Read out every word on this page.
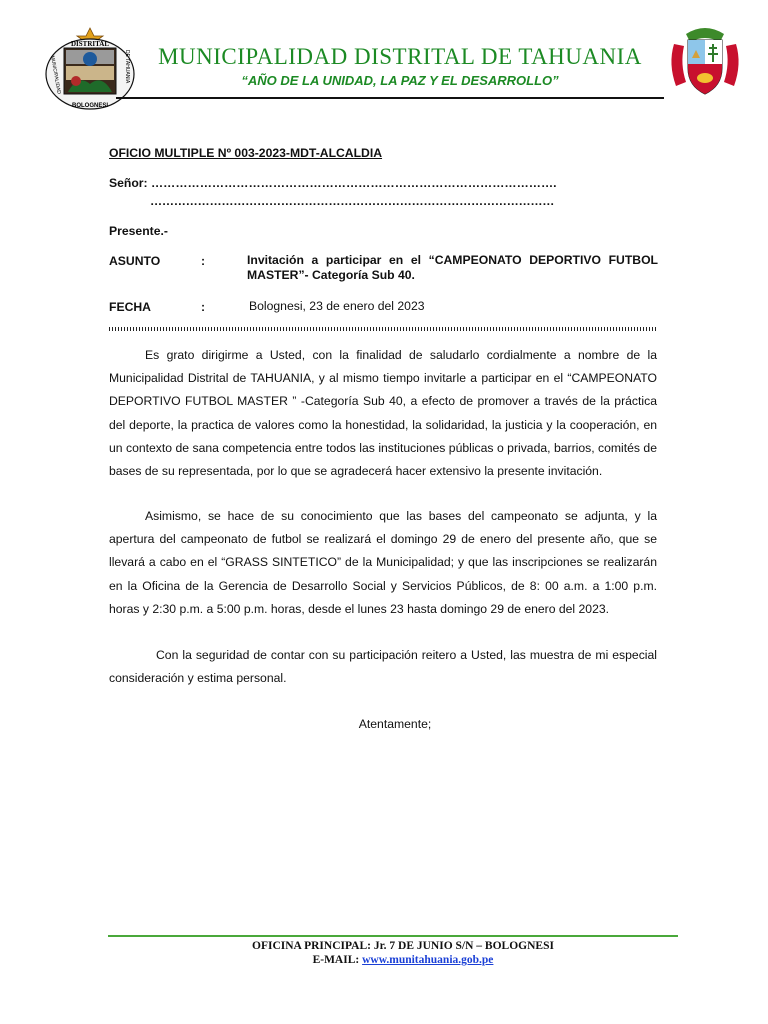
DISTRITAL
MUNICIPALIDAD	DE TAHUANIA
BOLOGNESI
MUNICIPALIDAD DISTRITAL DE TAHUANIA
“AÑO DE LA UNIDAD, LA PAZ Y EL DESARROLLO”
OFICIO MULTIPLE Nº 003-2023-MDT-ALCALDIA
Señor: ……………………………………………………………………………………….
…………………………………………………………………………………………
Presente.-
ASUNTO	:	Invitación a participar en el “CAMPEONATO DEPORTIVO FUTBOL MASTER”- Categoría Sub 40.
FECHA	:	Bolognesi, 23 de enero del 2023
Es grato dirigirme a Usted, con la finalidad de saludarlo cordialmente a nombre de la Municipalidad Distrital de TAHUANIA, y al mismo tiempo invitarle a participar en el “CAMPEONATO DEPORTIVO FUTBOL MASTER ” -Categoría Sub 40, a efecto de promover a través de la práctica del deporte, la practica de valores como la honestidad, la solidaridad, la justicia y la cooperación, en un contexto de sana competencia entre todos las instituciones públicas o privada, barrios, comités de bases de su representada, por lo que se agradecerá hacer extensivo la presente invitación.
Asimismo, se hace de su conocimiento que las bases del campeonato se adjunta, y la apertura del campeonato de futbol se realizará el domingo 29 de enero del presente año, que se llevará a cabo en el “GRASS SINTETICO” de la Municipalidad; y que las inscripciones se realizarán en la Oficina de la Gerencia de Desarrollo Social y Servicios Públicos, de 8: 00 a.m. a 1:00 p.m. horas y 2:30 p.m. a 5:00 p.m. horas, desde el lunes 23 hasta domingo 29 de enero del 2023.
Con la seguridad de contar con su participación reitero a Usted, las muestra de mi especial consideración y estima personal.
Atentamente;
OFICINA PRINCIPAL: Jr. 7 DE JUNIO S/N – BOLOGNESI
E-MAIL: www.munitahuania.gob.pe
